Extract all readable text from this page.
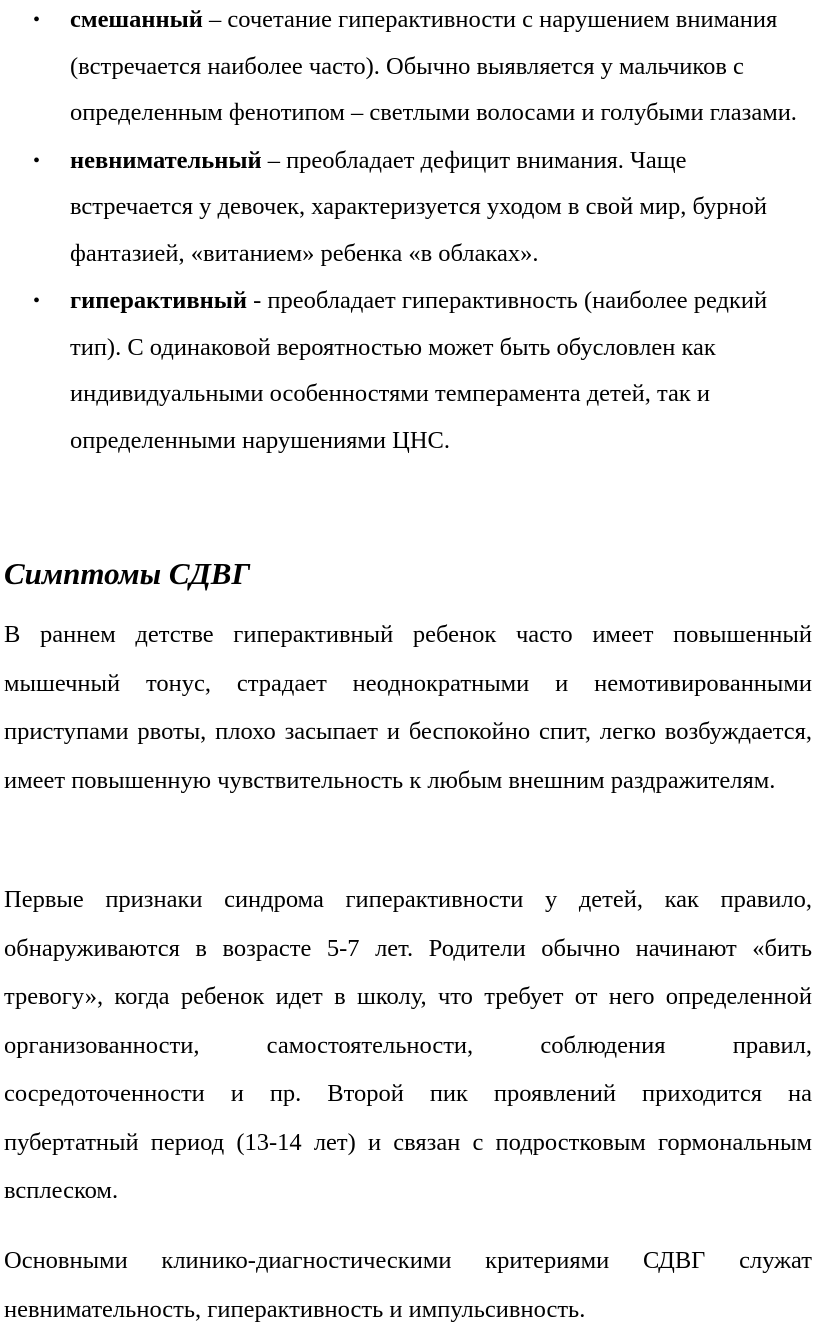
• смешанный – сочетание гиперактивности с нарушением внимания (встречается наиболее часто). Обычно выявляется у мальчиков с определенным фенотипом – светлыми волосами и голубыми глазами.
• невнимательный – преобладает дефицит внимания. Чаще встречается у девочек, характеризуется уходом в свой мир, бурной фантазией, «витанием» ребенка «в облаках».
• гиперактивный - преобладает гиперактивность (наиболее редкий тип). С одинаковой вероятностью может быть обусловлен как индивидуальными особенностями темперамента детей, так и определенными нарушениями ЦНС.
Симптомы СДВГ

В раннем детстве гиперактивный ребенок часто имеет повышенный мышечный тонус, страдает неоднократными и немотивированными приступами рвоты, плохо засыпает и беспокойно спит, легко возбуждается, имеет повышенную чувствительность к любым внешним раздражителям.

Первые признаки синдрома гиперактивности у детей, как правило, обнаруживаются в возрасте 5-7 лет. Родители обычно начинают «бить тревогу», когда ребенок идет в школу, что требует от него определенной организованности, самостоятельности, соблюдения правил, сосредоточенности и пр. Второй пик проявлений приходится на пубертатный период (13-14 лет) и связан с подростковым гормональным всплеском.

Основными клинико-диагностическими критериями СДВГ служат невнимательность, гиперактивность и импульсивность.
